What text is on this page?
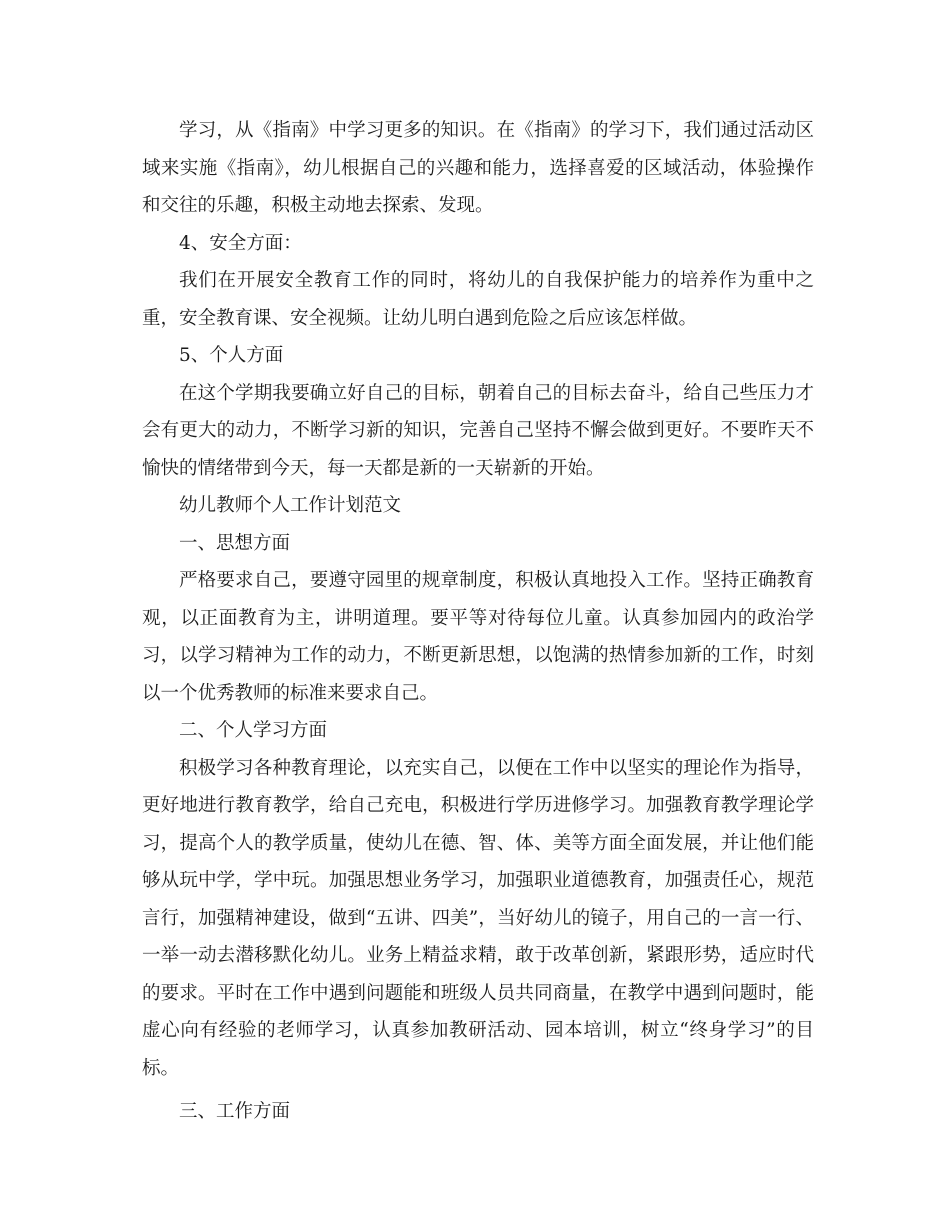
学习，从《指南》中学习更多的知识。在《指南》的学习下，我们通过活动区域来实施《指南》，幼儿根据自己的兴趣和能力，选择喜爱的区域活动，体验操作和交往的乐趣，积极主动地去探索、发现。

4、安全方面：

我们在开展安全教育工作的同时，将幼儿的自我保护能力的培养作为重中之重，安全教育课、安全视频。让幼儿明白遇到危险之后应该怎样做。

5、个人方面

在这个学期我要确立好自己的目标，朝着自己的目标去奋斗，给自己些压力才会有更大的动力，不断学习新的知识，完善自己坚持不懈会做到更好。不要昨天不愉快的情绪带到今天，每一天都是新的一天崭新的开始。

幼儿教师个人工作计划范文

一、思想方面

严格要求自己，要遵守园里的规章制度，积极认真地投入工作。坚持正确教育观，以正面教育为主，讲明道理。要平等对待每位儿童。认真参加园内的政治学习，以学习精神为工作的动力，不断更新思想，以饱满的热情参加新的工作，时刻以一个优秀教师的标准来要求自己。

二、个人学习方面

积极学习各种教育理论，以充实自己，以便在工作中以坚实的理论作为指导，更好地进行教育教学，给自己充电，积极进行学历进修学习。加强教育教学理论学习，提高个人的教学质量，使幼儿在德、智、体、美等方面全面发展，并让他们能够从玩中学，学中玩。加强思想业务学习，加强职业道德教育，加强责任心，规范言行，加强精神建设，做到“五讲、四美”，当好幼儿的镜子，用自己的一言一行、一举一动去潜移默化幼儿。业务上精益求精，敢于改革创新，紧跟形势，适应时代的要求。平时在工作中遇到问题能和班级人员共同商量，在教学中遇到问题时，能虚心向有经验的老师学习，认真参加教研活动、园本培训，树立“终身学习”的目标。

三、工作方面
